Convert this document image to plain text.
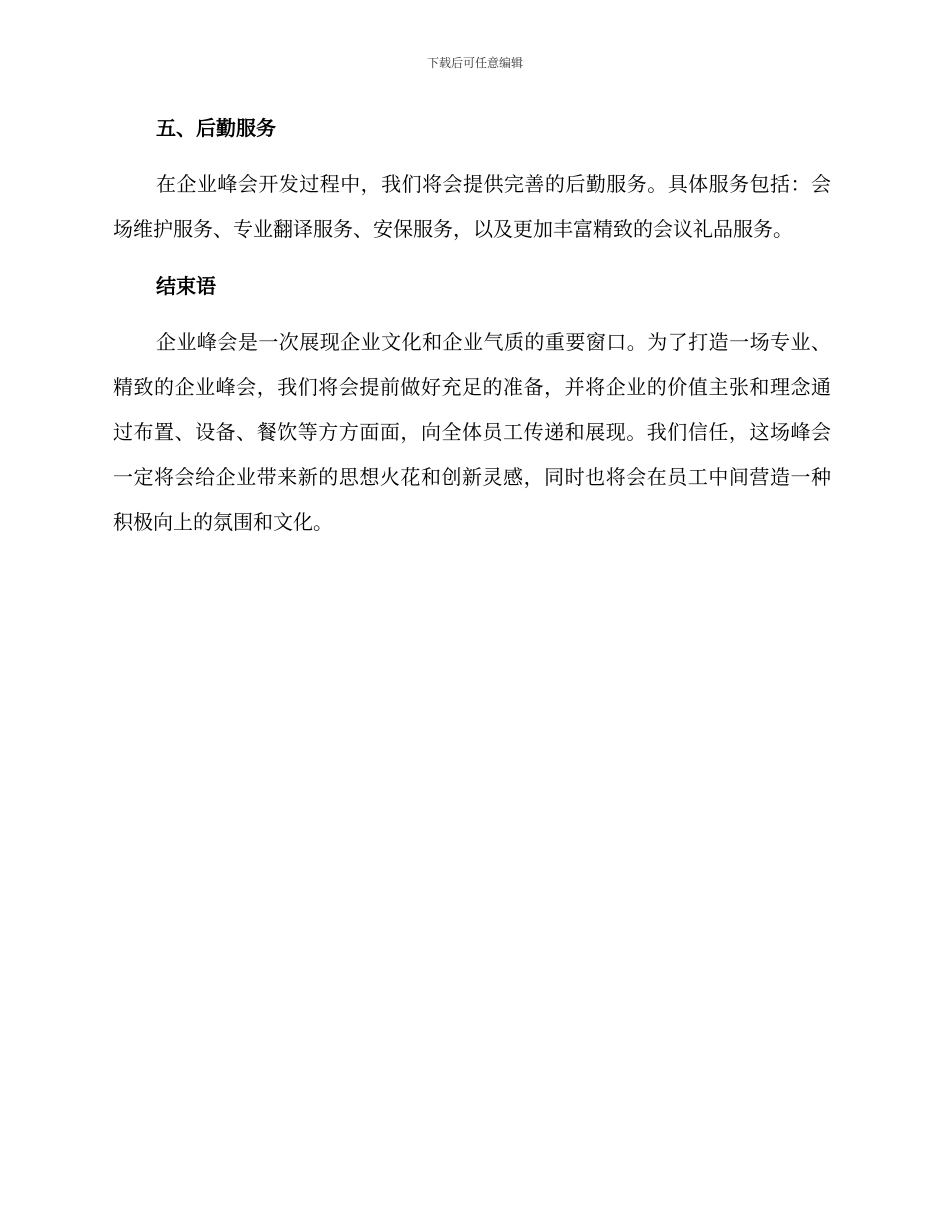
下载后可任意编辑
五、后勤服务

在企业峰会开发过程中，我们将会提供完善的后勤服务。具体服务包括：会场维护服务、专业翻译服务、安保服务，以及更加丰富精致的会议礼品服务。

结束语

企业峰会是一次展现企业文化和企业气质的重要窗口。为了打造一场专业、精致的企业峰会，我们将会提前做好充足的准备，并将企业的价值主张和理念通过布置、设备、餐饮等方方面面，向全体员工传递和展现。我们信任，这场峰会一定将会给企业带来新的思想火花和创新灵感，同时也将会在员工中间营造一种积极向上的氛围和文化。
